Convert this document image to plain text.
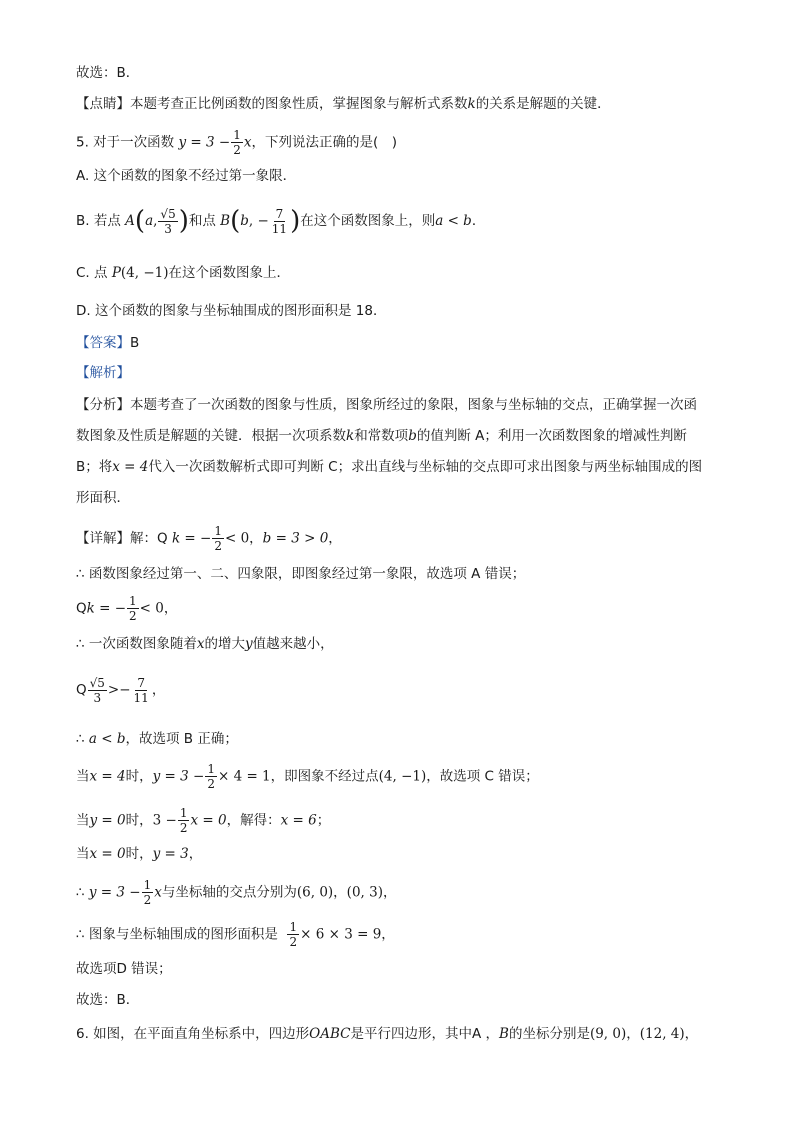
故选：B．
【点睛】本题考查正比例函数的图象性质，掌握图象与解析式系数k的关系是解题的关键．
5. 对于一次函数 $y = 3 - \frac{1}{2}$ x，下列说法正确的是(　)
A. 这个函数的图象不经过第一象限．
B. 若点 A(a, $\frac{√5}{3}$ )和点 B(b, − $\frac{7}{11}$ )在这个函数图象上，则a < b．
C. 点 P(4, −1)在这个函数图象上．
D. 这个函数的图象与坐标轴围成的图形面积是 18．
【答案】B
【解析】
【分析】本题考查了一次函数的图象与性质，图象所经过的象限，图象与坐标轴的交点，正确掌握一次函
数图象及性质是解题的关键．根据一次项系数k和常数项b的值判断 A；利用一次函数图象的增减性判断
B；将x = 4代入一次函数解析式即可判断 C；求出直线与坐标轴的交点即可求出图象与两坐标轴围成的图
形面积．
【详解】解：Q k = − $\frac{1}{2} < 0$，b = 3 > 0，
∴ 函数图象经过第一、二、四象限，即图象经过第一象限，故选项 A 错误；
Qk = − $\frac{1}{2} < 0$，
∴ 一次函数图象随着x的增大y值越来越小，
Q $\frac{√5}{3} >- \frac{7}{11}$ ，
∴ a < b，故选项 B 正确；
当x = 4时，$y = 3 - \frac{1}{2} \times 4 = 1$，即图象不经过点(4, −1)，故选项 C 错误；
当y = 0时，$3 - \frac{1}{2}$ x = 0，解得：x = 6；
当x = 0时，y = 3，
∴ $y = 3 - \frac{1}{2}$ x与坐标轴的交点分别为(6, 0)，(0, 3)，
∴ 图象与坐标轴围成的图形面积是 $\frac{1}{2} \times 6 \times 3 = 9$，
故选项D 错误；
故选：B．
6. 如图，在平面直角坐标系中，四边形OABC是平行四边形，其中A ，B的坐标分别是(9, 0)，(12, 4)，
